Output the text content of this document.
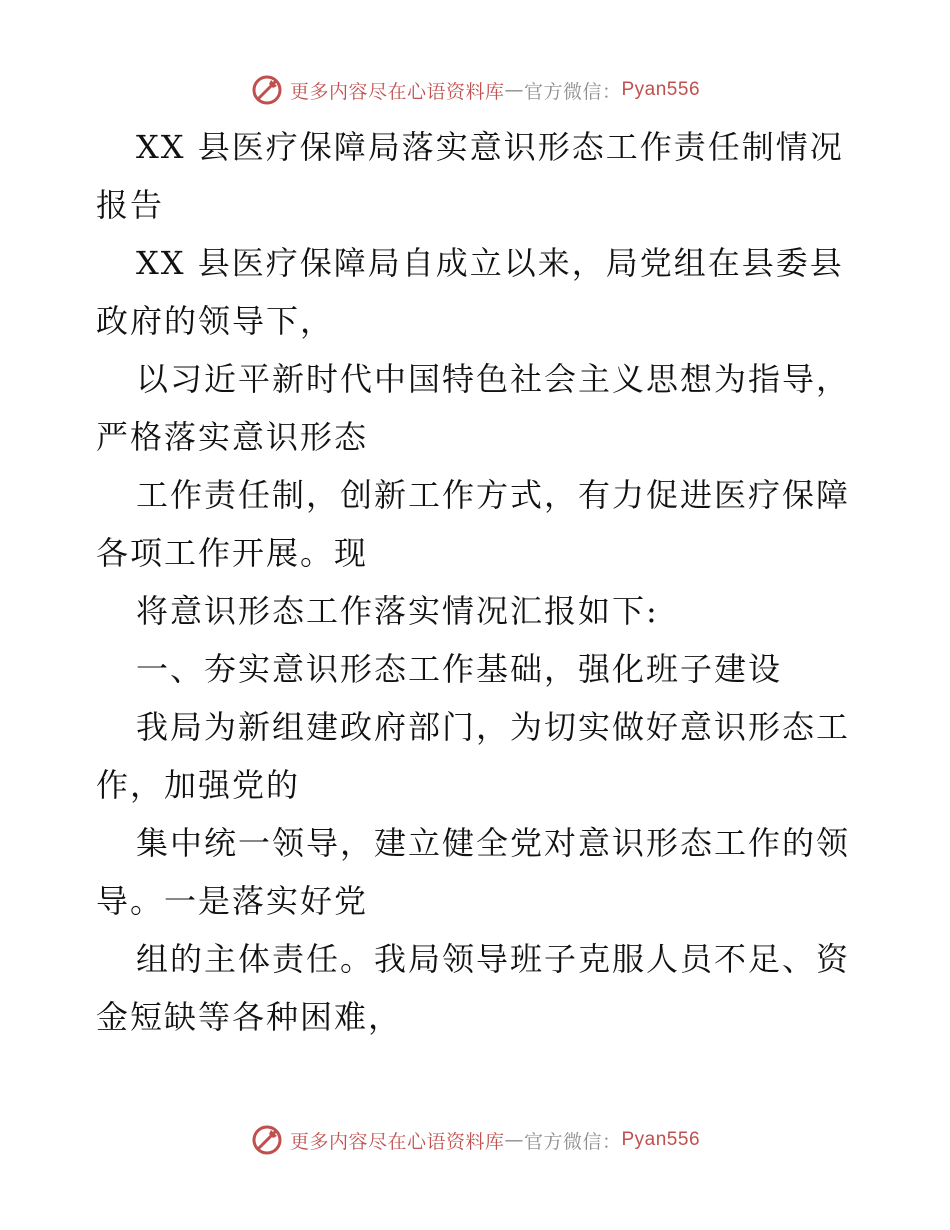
更多内容尽在心语资料库 — 官方微信： Pyan556

XX 县医疗保障局落实意识形态工作责任制情况报告

XX 县医疗保障局自成立以来，局党组在县委县政府的领导下，

以习近平新时代中国特色社会主义思想为指导，严格落实意识形态

工作责任制，创新工作方式，有力促进医疗保障各项工作开展。现

将意识形态工作落实情况汇报如下:

一、夯实意识形态工作基础，强化班子建设

我局为新组建政府部门，为切实做好意识形态工作，加强党的

集中统一领导，建立健全党对意识形态工作的领导。一是落实好党

组的主体责任。我局领导班子克服人员不足、资金短缺等各种困难，

更多内容尽在心语资料库 — 官方微信： Pyan556
